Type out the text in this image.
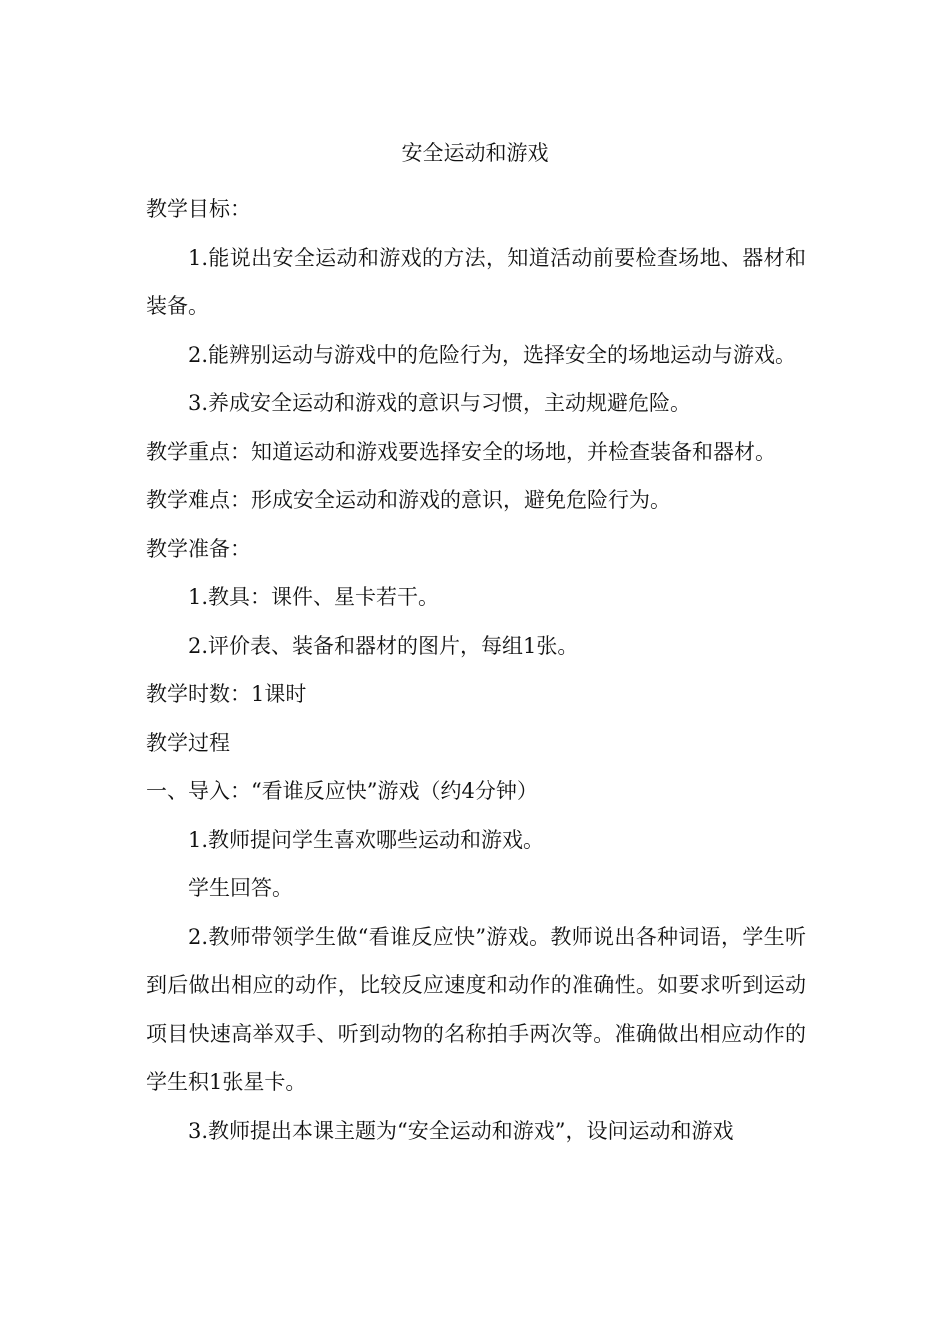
安全运动和游戏

教学目标：

1.能说出安全运动和游戏的方法，知道活动前要检查场地、器材和装备。

2.能辨别运动与游戏中的危险行为，选择安全的场地运动与游戏。

3.养成安全运动和游戏的意识与习惯，主动规避危险。

教学重点：知道运动和游戏要选择安全的场地，并检查装备和器材。

教学难点：形成安全运动和游戏的意识，避免危险行为。

教学准备：

1.教具：课件、星卡若干。

2.评价表、装备和器材的图片，每组1张。

教学时数：1课时

教学过程

一、导入：“看谁反应快”游戏（约4分钟）

1.教师提问学生喜欢哪些运动和游戏。

学生回答。

2.教师带领学生做“看谁反应快”游戏。教师说出各种词语，学生听到后做出相应的动作，比较反应速度和动作的准确性。如要求听到运动项目快速高举双手、听到动物的名称拍手两次等。准确做出相应动作的学生积1张星卡。

3.教师提出本课主题为“安全运动和游戏”，设问运动和游戏
